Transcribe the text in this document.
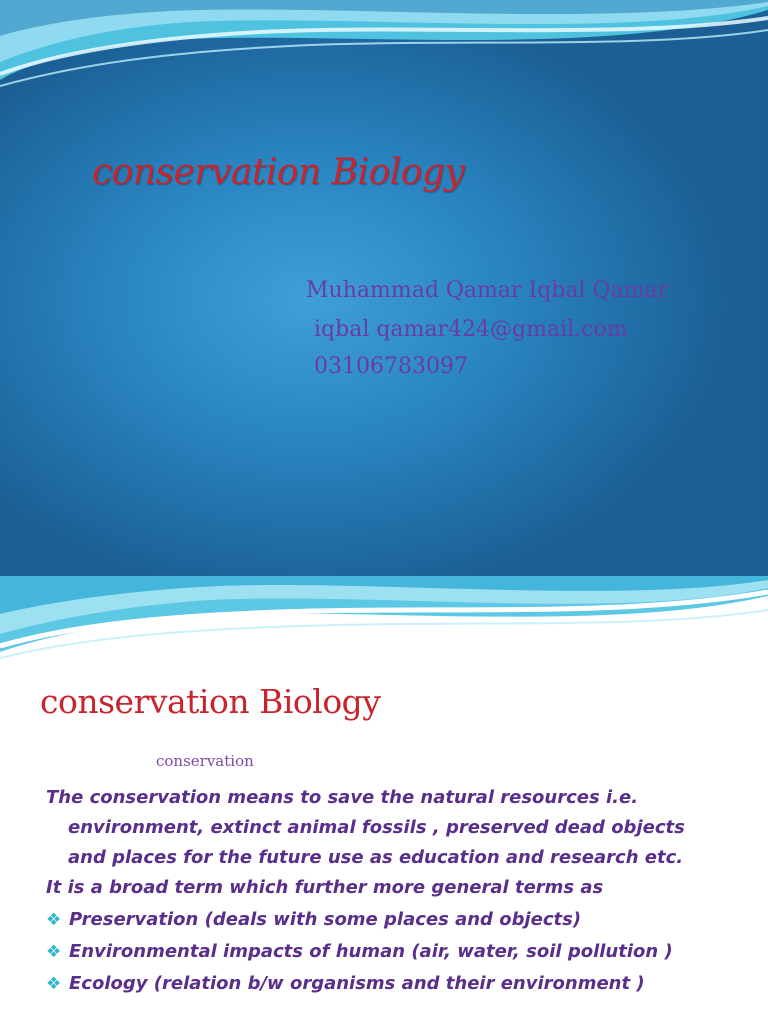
conservation Biology
Muhammad Qamar Iqbal Qamar
iqbal qamar424@gmail.com
03106783097
conservation Biology
conservation

The conservation means to save the natural resources i.e.
environment, extinct animal fossils , preserved dead objects
and places for the future use as education and research etc.

It is a broad term which further more general terms as

❖ Preservation (deals with some places and objects)
❖ Environmental impacts of human (air, water, soil pollution )
❖ Ecology (relation b/w organisms and their environment )
